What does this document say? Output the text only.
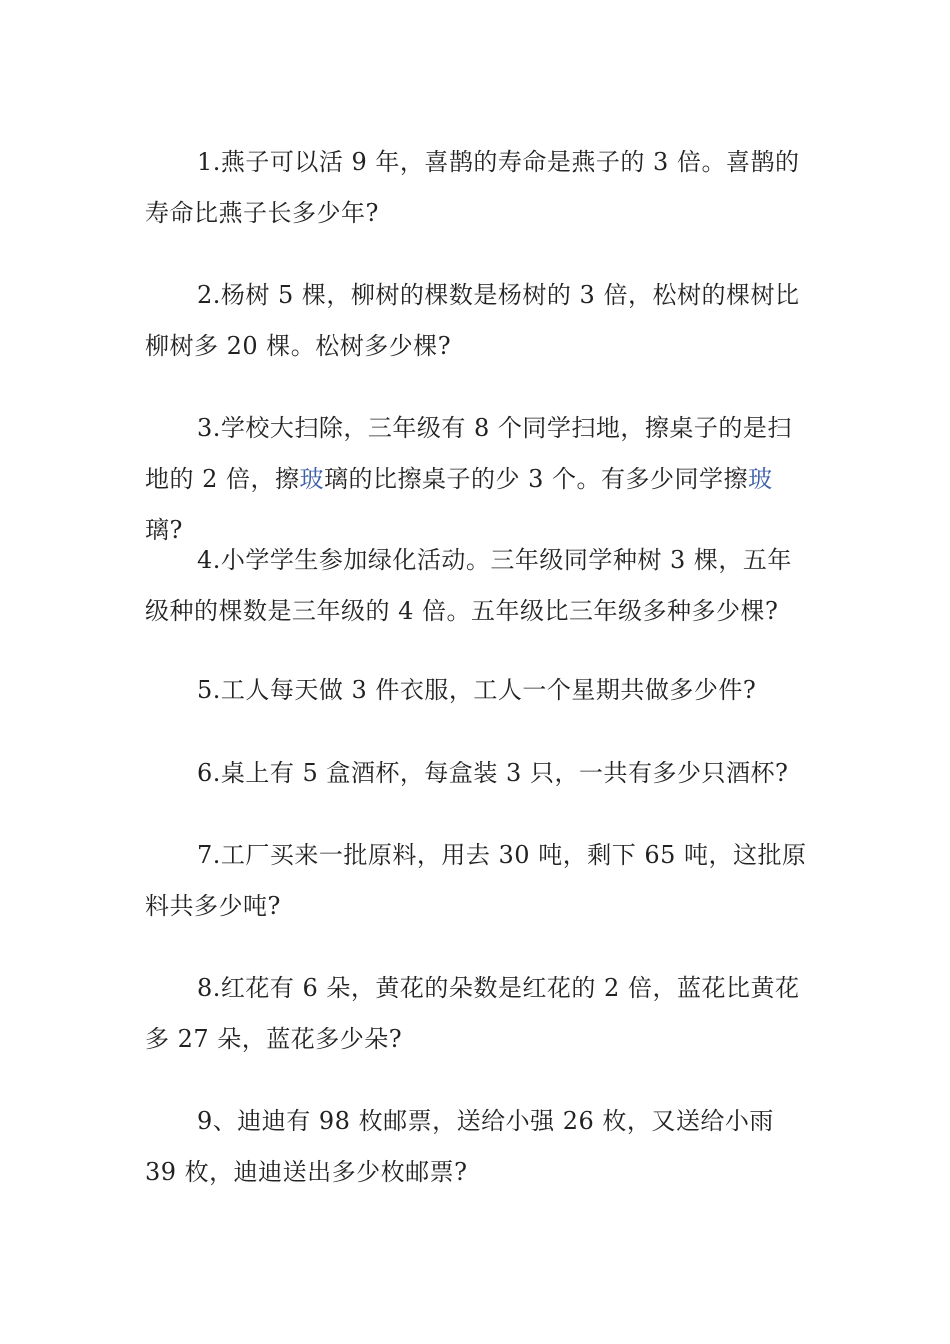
1.燕子可以活 9 年，喜鹊的寿命是燕子的 3 倍。喜鹊的寿命比燕子长多少年?

2.杨树 5 棵，柳树的棵数是杨树的 3 倍，松树的棵树比柳树多 20 棵。松树多少棵?

3.学校大扫除，三年级有 8 个同学扫地，擦桌子的是扫地的 2 倍，擦玻璃的比擦桌子的少 3 个。有多少同学擦玻璃?

4.小学学生参加绿化活动。三年级同学种树 3 棵，五年级种的棵数是三年级的 4 倍。五年级比三年级多种多少棵?

5.工人每天做 3 件衣服，工人一个星期共做多少件?

6.桌上有 5 盒酒杯，每盒装 3 只，一共有多少只酒杯?

7.工厂买来一批原料，用去 30 吨，剩下 65 吨，这批原料共多少吨?

8.红花有 6 朵，黄花的朵数是红花的 2 倍，蓝花比黄花多 27 朵，蓝花多少朵?

9、迪迪有 98 枚邮票，送给小强 26 枚，又送给小雨 39 枚，迪迪送出多少枚邮票?
